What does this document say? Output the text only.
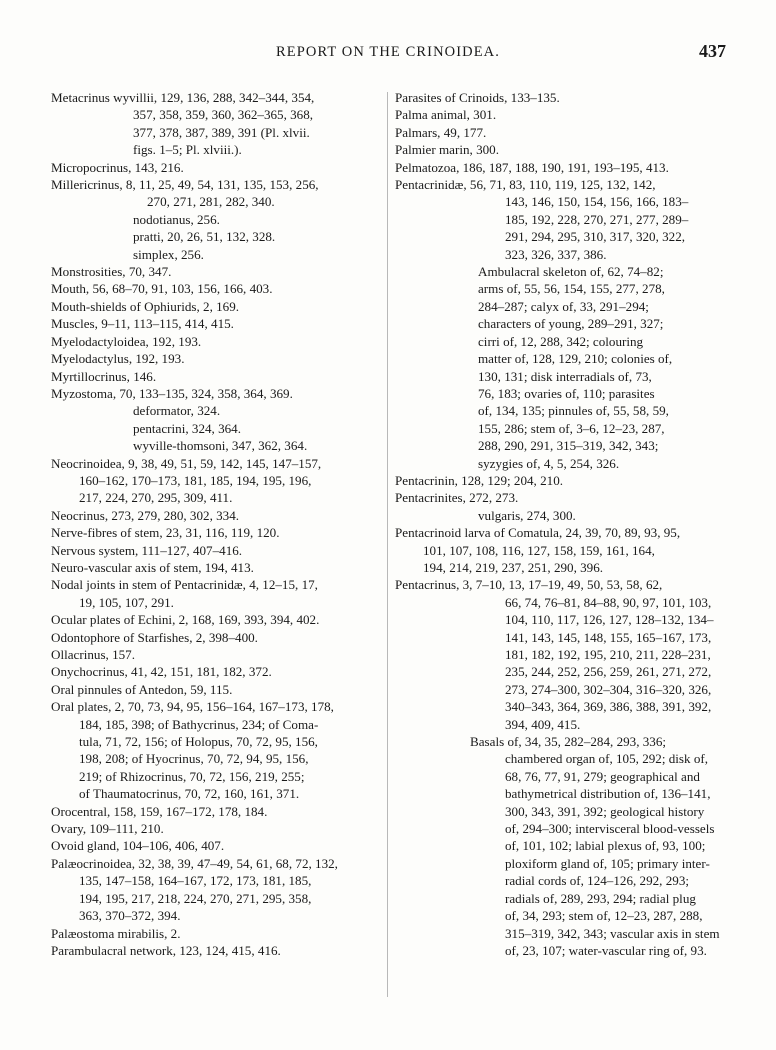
REPORT ON THE CRINOIDEA.	437
Metacrinus wyvillii, 129, 136, 288, 342–344, 354,
357, 358, 359, 360, 362–365, 368,
377, 378, 387, 389, 391 (Pl. xlvii.
figs. 1–5; Pl. xlviii.).
Micropocrinus, 143, 216.
Millericrinus, 8, 11, 25, 49, 54, 131, 135, 153, 256,
270, 271, 281, 282, 340.
nodotianus, 256.
pratti, 20, 26, 51, 132, 328.
simplex, 256.
Monstrosities, 70, 347.
Mouth, 56, 68–70, 91, 103, 156, 166, 403.
Mouth-shields of Ophiurids, 2, 169.
Muscles, 9–11, 113–115, 414, 415.
Myelodactyloidea, 192, 193.
Myelodactylus, 192, 193.
Myrtillocrinus, 146.
Myzostoma, 70, 133–135, 324, 358, 364, 369.
deformator, 324.
pentacrini, 324, 364.
wyville-thomsoni, 347, 362, 364.
Neocrinoidea, 9, 38, 49, 51, 59, 142, 145, 147–157,
160–162, 170–173, 181, 185, 194, 195, 196,
217, 224, 270, 295, 309, 411.
Neocrinus, 273, 279, 280, 302, 334.
Nerve-fibres of stem, 23, 31, 116, 119, 120.
Nervous system, 111–127, 407–416.
Neuro-vascular axis of stem, 194, 413.
Nodal joints in stem of Pentacrinidæ, 4, 12–15, 17,
19, 105, 107, 291.
Ocular plates of Echini, 2, 168, 169, 393, 394, 402.
Odontophore of Starfishes, 2, 398–400.
Ollacrinus, 157.
Onychocrinus, 41, 42, 151, 181, 182, 372.
Oral pinnules of Antedon, 59, 115.
Oral plates, 2, 70, 73, 94, 95, 156–164, 167–173, 178,
184, 185, 398; of Bathycrinus, 234; of Coma-
tula, 71, 72, 156; of Holopus, 70, 72, 95, 156,
198, 208; of Hyocrinus, 70, 72, 94, 95, 156,
219; of Rhizocrinus, 70, 72, 156, 219, 255;
of Thaumatocrinus, 70, 72, 160, 161, 371.
Orocentral, 158, 159, 167–172, 178, 184.
Ovary, 109–111, 210.
Ovoid gland, 104–106, 406, 407.
Palæocrinoidea, 32, 38, 39, 47–49, 54, 61, 68, 72, 132,
135, 147–158, 164–167, 172, 173, 181, 185,
194, 195, 217, 218, 224, 270, 271, 295, 358,
363, 370–372, 394.
Palæostoma mirabilis, 2.
Parambulacral network, 123, 124, 415, 416.
Parasites of Crinoids, 133–135.
Palma animal, 301.
Palmars, 49, 177.
Palmier marin, 300.
Pelmatozoa, 186, 187, 188, 190, 191, 193–195, 413.
Pentacrinidæ, 56, 71, 83, 110, 119, 125, 132, 142,
143, 146, 150, 154, 156, 166, 183–
185, 192, 228, 270, 271, 277, 289–
291, 294, 295, 310, 317, 320, 322,
323, 326, 337, 386.
Ambulacral skeleton of, 62, 74–82;
arms of, 55, 56, 154, 155, 277, 278,
284–287; calyx of, 33, 291–294;
characters of young, 289–291, 327;
cirri of, 12, 288, 342; colouring
matter of, 128, 129, 210; colonies of,
130, 131; disk interradials of, 73,
76, 183; ovaries of, 110; parasites
of, 134, 135; pinnules of, 55, 58, 59,
155, 286; stem of, 3–6, 12–23, 287,
288, 290, 291, 315–319, 342, 343;
syzygies of, 4, 5, 254, 326.
Pentacrinin, 128, 129; 204, 210.
Pentacrinites, 272, 273.
vulgaris, 274, 300.
Pentacrinoid larva of Comatula, 24, 39, 70, 89, 93, 95,
101, 107, 108, 116, 127, 158, 159, 161, 164,
194, 214, 219, 237, 251, 290, 396.
Pentacrinus, 3, 7–10, 13, 17–19, 49, 50, 53, 58, 62,
66, 74, 76–81, 84–88, 90, 97, 101, 103,
104, 110, 117, 126, 127, 128–132, 134–
141, 143, 145, 148, 155, 165–167, 173,
181, 182, 192, 195, 210, 211, 228–231,
235, 244, 252, 256, 259, 261, 271, 272,
273, 274–300, 302–304, 316–320, 326,
340–343, 364, 369, 386, 388, 391, 392,
394, 409, 415.
Basals of, 34, 35, 282–284, 293, 336;
chambered organ of, 105, 292; disk of,
68, 76, 77, 91, 279; geographical and
bathymetrical distribution of, 136–141,
300, 343, 391, 392; geological history
of, 294–300; intervisceral blood-vessels
of, 101, 102; labial plexus of, 93, 100;
ploxiform gland of, 105; primary inter-
radial cords of, 124–126, 292, 293;
radials of, 289, 293, 294; radial plug
of, 34, 293; stem of, 12–23, 287, 288,
315–319, 342, 343; vascular axis in stem
of, 23, 107; water-vascular ring of, 93.
